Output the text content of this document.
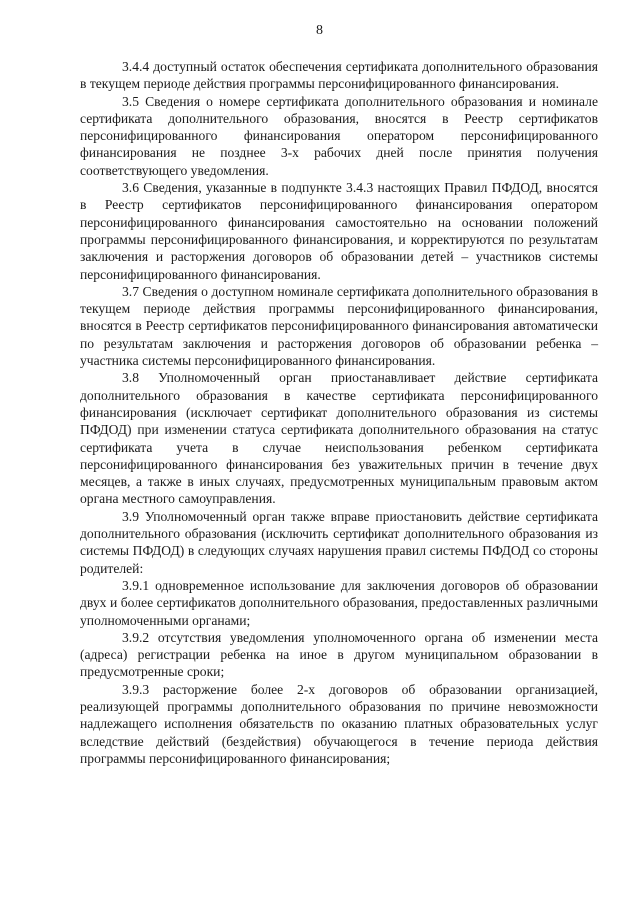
8

3.4.4 доступный остаток обеспечения сертификата дополнительного образования в текущем периоде действия программы персонифицированного финансирования.

3.5 Сведения о номере сертификата дополнительного образования и номинале сертификата дополнительного образования, вносятся в Реестр сертификатов персонифицированного финансирования оператором персонифицированного финансирования не позднее 3-х рабочих дней после принятия получения соответствующего уведомления.

3.6 Сведения, указанные в подпункте 3.4.3 настоящих Правил ПФДОД, вносятся в Реестр сертификатов персонифицированного финансирования оператором персонифицированного финансирования самостоятельно на основании положений программы персонифицированного финансирования, и корректируются по результатам заключения и расторжения договоров об образовании детей – участников системы персонифицированного финансирования.

3.7 Сведения о доступном номинале сертификата дополнительного образования в текущем периоде действия программы персонифицированного финансирования, вносятся в Реестр сертификатов персонифицированного финансирования автоматически по результатам заключения и расторжения договоров об образовании ребенка – участника системы персонифицированного финансирования.

3.8 Уполномоченный орган приостанавливает действие сертификата дополнительного образования в качестве сертификата персонифицированного финансирования (исключает сертификат дополнительного образования из системы ПФДОД) при изменении статуса сертификата дополнительного образования на статус сертификата учета в случае неиспользования ребенком сертификата персонифицированного финансирования без уважительных причин в течение двух месяцев, а также в иных случаях, предусмотренных муниципальным правовым актом органа местного самоуправления.

3.9 Уполномоченный орган также вправе приостановить действие сертификата дополнительного образования (исключить сертификат дополнительного образования из системы ПФДОД) в следующих случаях нарушения правил системы ПФДОД со стороны родителей:

3.9.1 одновременное использование для заключения договоров об образовании двух и более сертификатов дополнительного образования, предоставленных различными уполномоченными органами;

3.9.2 отсутствия уведомления уполномоченного органа об изменении места (адреса) регистрации ребенка на иное в другом муниципальном образовании в предусмотренные сроки;

3.9.3 расторжение более 2-х договоров об образовании организацией, реализующей программы дополнительного образования по причине невозможности надлежащего исполнения обязательств по оказанию платных образовательных услуг вследствие действий (бездействия) обучающегося в течение периода действия программы персонифицированного финансирования;
